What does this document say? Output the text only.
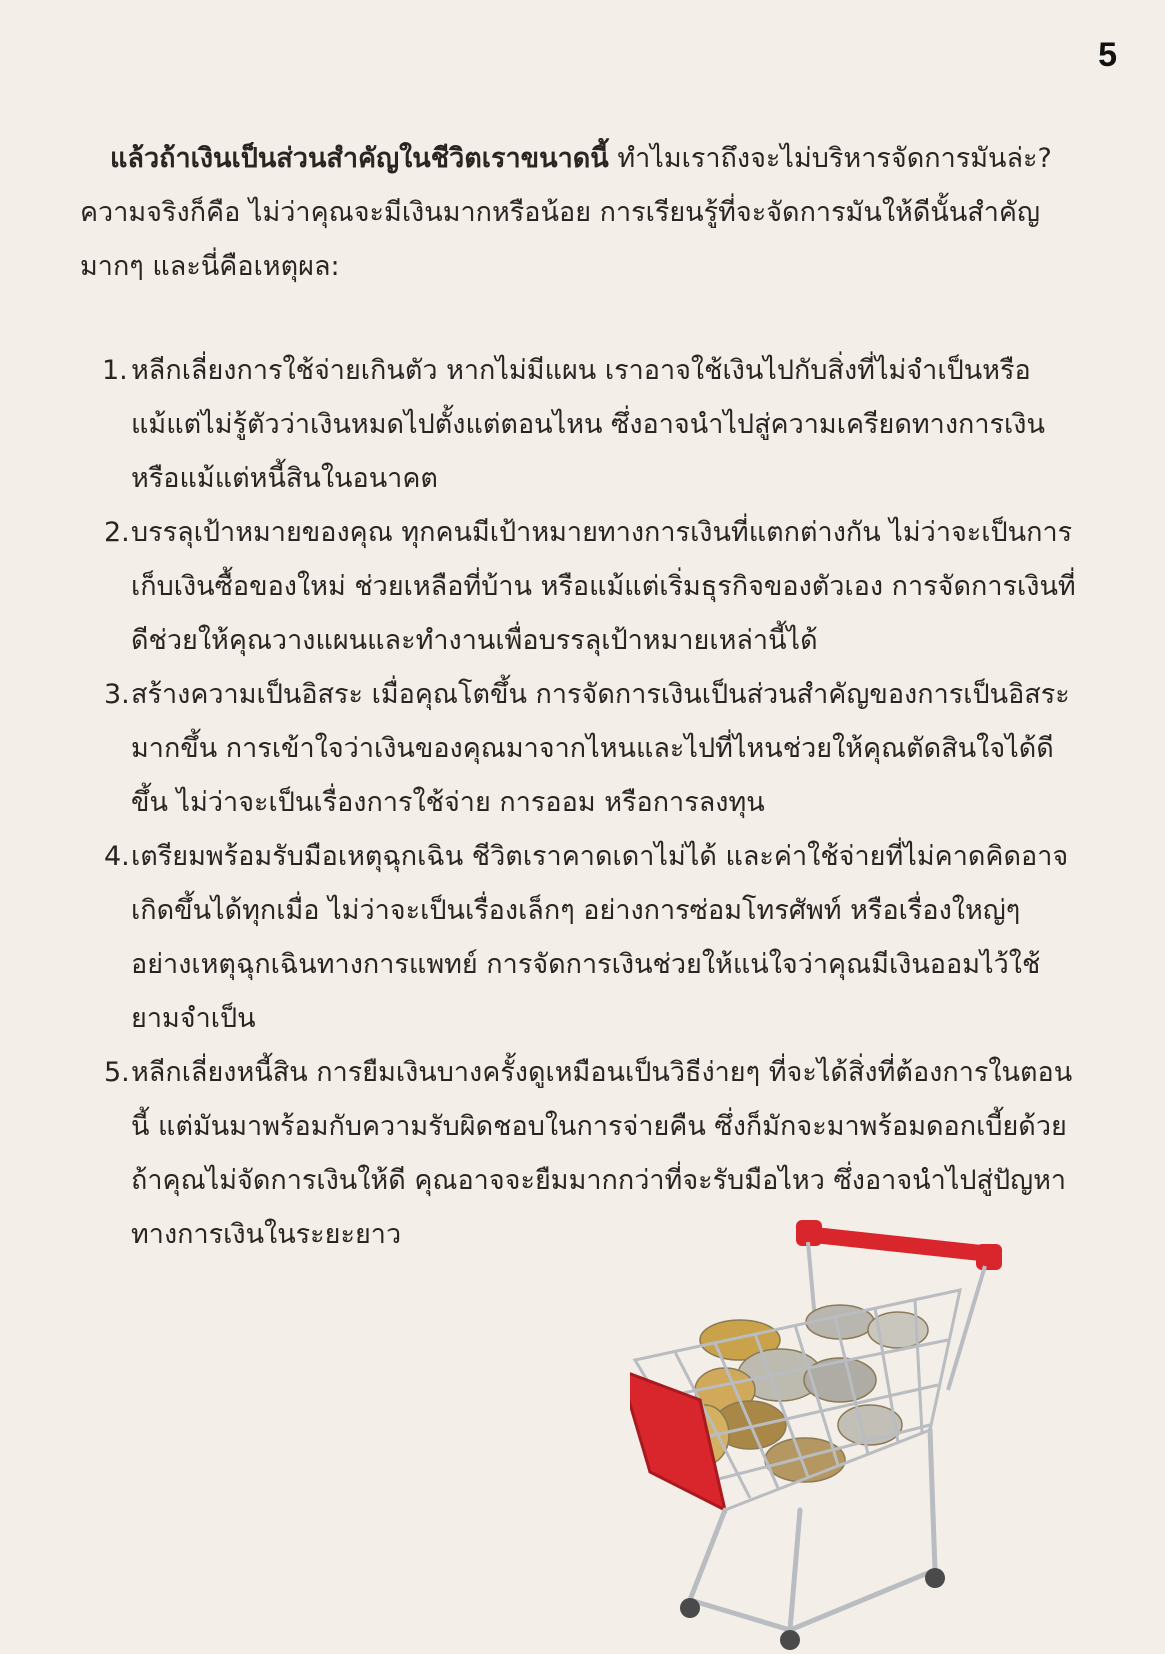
5

แล้วถ้าเงินเป็นส่วนสำคัญในชีวิตเราขนาดนี้ ทำไมเราถึงจะไม่บริหารจัดการมันล่ะ? ความจริงก็คือ ไม่ว่าคุณจะมีเงินมากหรือน้อย การเรียนรู้ที่จะจัดการมันให้ดีนั้นสำคัญมากๆ และนี่คือเหตุผล:

1. หลีกเลี่ยงการใช้จ่ายเกินตัว หากไม่มีแผน เราอาจใช้เงินไปกับสิ่งที่ไม่จำเป็นหรือแม้แต่ไม่รู้ตัวว่าเงินหมดไปตั้งแต่ตอนไหน ซึ่งอาจนำไปสู่ความเครียดทางการเงินหรือแม้แต่หนี้สินในอนาคต
2. บรรลุเป้าหมายของคุณ ทุกคนมีเป้าหมายทางการเงินที่แตกต่างกัน ไม่ว่าจะเป็นการเก็บเงินซื้อของใหม่ ช่วยเหลือที่บ้าน หรือแม้แต่เริ่มธุรกิจของตัวเอง การจัดการเงินที่ดีช่วยให้คุณวางแผนและทำงานเพื่อบรรลุเป้าหมายเหล่านี้ได้
3. สร้างความเป็นอิสระ เมื่อคุณโตขึ้น การจัดการเงินเป็นส่วนสำคัญของการเป็นอิสระมากขึ้น การเข้าใจว่าเงินของคุณมาจากไหนและไปที่ไหนช่วยให้คุณตัดสินใจได้ดีขึ้น ไม่ว่าจะเป็นเรื่องการใช้จ่าย การออม หรือการลงทุน
4. เตรียมพร้อมรับมือเหตุฉุกเฉิน ชีวิตเราคาดเดาไม่ได้ และค่าใช้จ่ายที่ไม่คาดคิดอาจเกิดขึ้นได้ทุกเมื่อ ไม่ว่าจะเป็นเรื่องเล็กๆ อย่างการซ่อมโทรศัพท์ หรือเรื่องใหญ่ๆ อย่างเหตุฉุกเฉินทางการแพทย์ การจัดการเงินช่วยให้แน่ใจว่าคุณมีเงินออมไว้ใช้ยามจำเป็น
5. หลีกเลี่ยงหนี้สิน การยืมเงินบางครั้งดูเหมือนเป็นวิธีง่ายๆ ที่จะได้สิ่งที่ต้องการในตอนนี้ แต่มันมาพร้อมกับความรับผิดชอบในการจ่ายคืน ซึ่งก็มักจะมาพร้อมดอกเบี้ยด้วย ถ้าคุณไม่จัดการเงินให้ดี คุณอาจจะยืมมากกว่าที่จะรับมือไหว ซึ่งอาจนำไปสู่ปัญหาทางการเงินในระยะยาว
